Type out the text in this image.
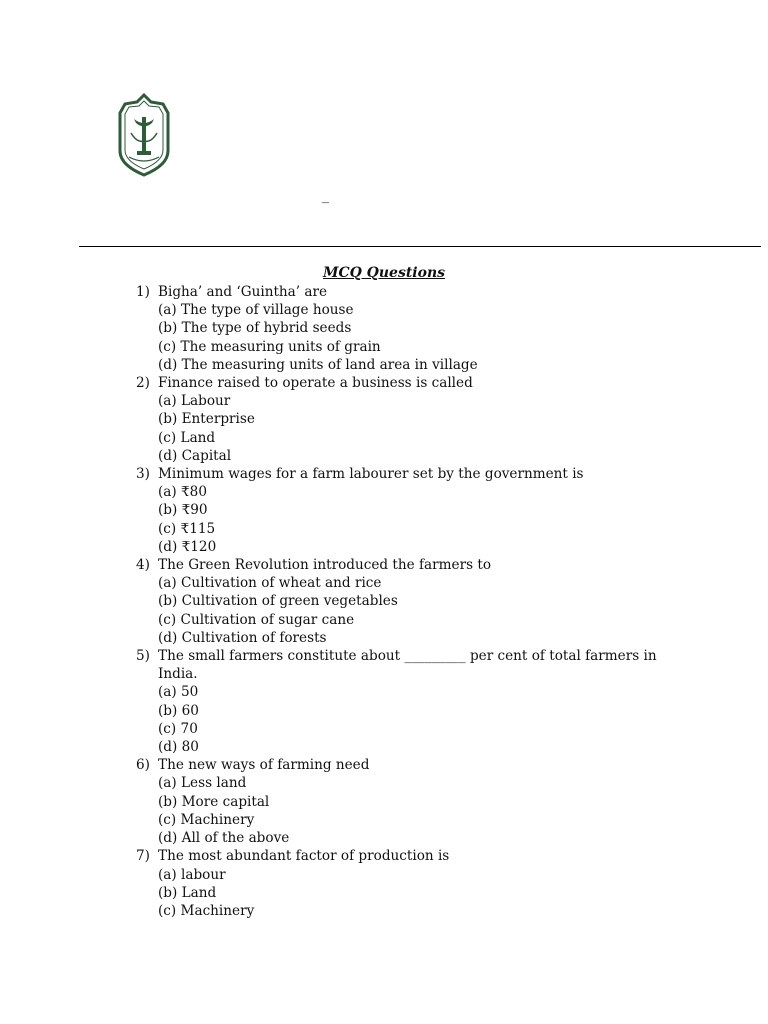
_
MCQ Questions
1) Bigha’ and ‘Guintha’ are
(a) The type of village house
(b) The type of hybrid seeds
(c) The measuring units of grain
(d) The measuring units of land area in village
2) Finance raised to operate a business is called
(a) Labour
(b) Enterprise
(c) Land
(d) Capital
3) Minimum wages for a farm labourer set by the government is
(a) ₹80
(b) ₹90
(c) ₹115
(d) ₹120
4) The Green Revolution introduced the farmers to
(a) Cultivation of wheat and rice
(b) Cultivation of green vegetables
(c) Cultivation of sugar cane
(d) Cultivation of forests
5) The small farmers constitute about _________ per cent of total farmers in India.
(a) 50
(b) 60
(c) 70
(d) 80
6) The new ways of farming need
(a) Less land
(b) More capital
(c) Machinery
(d) All of the above
7) The most abundant factor of production is
(a) labour
(b) Land
(c) Machinery
